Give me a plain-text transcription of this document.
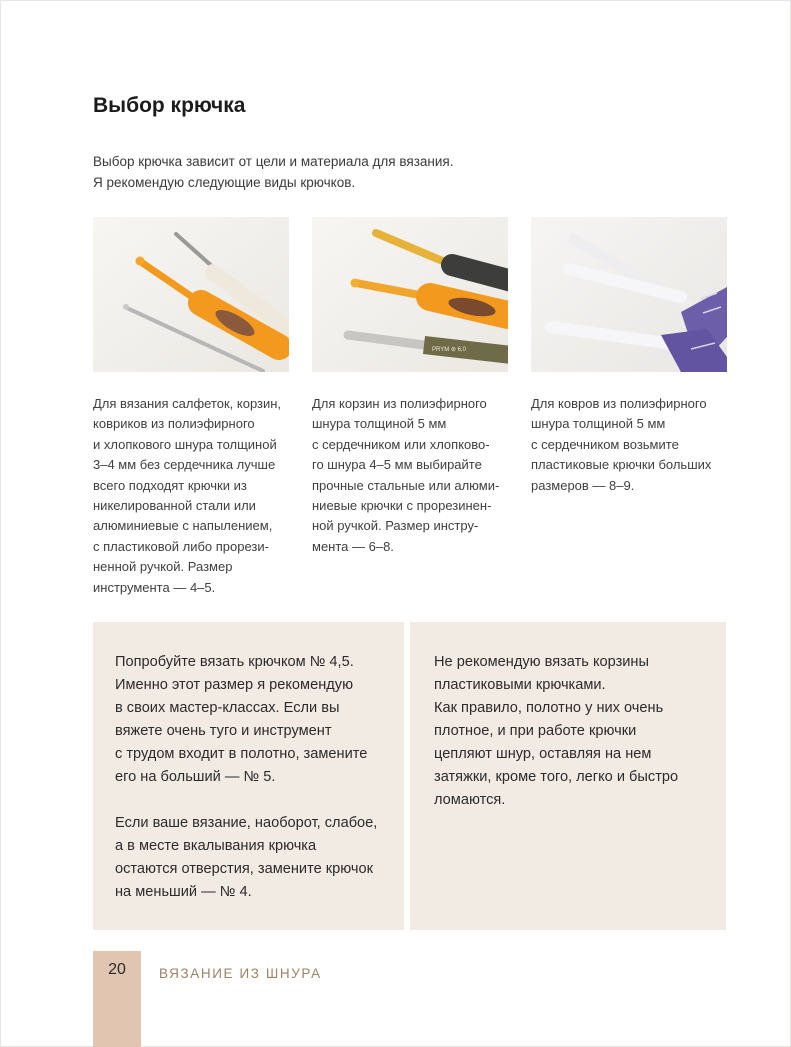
Выбор крючка
Выбор крючка зависит от цели и материала для вязания.
Я рекомендую следующие виды крючков.
PRYM ⊛ 6,0
Для вязания салфеток, корзин,
ковриков из полиэфирного
и хлопкового шнура толщиной
3–4 мм без сердечника лучше
всего подходят крючки из
никелированной стали или
алюминиевые с напылением,
с пластиковой либо прорези-
ненной ручкой. Размер
инструмента — 4–5.
Для корзин из полиэфирного
шнура толщиной 5 мм
с сердечником или хлопково-
го шнура 4–5 мм выбирайте
прочные стальные или алюми-
ниевые крючки с прорезинен-
ной ручкой. Размер инстру-
мента — 6–8.
Для ковров из полиэфирного
шнура толщиной 5 мм
с сердечником возьмите
пластиковые крючки больших
размеров — 8–9.

Попробуйте вязать крючком № 4,5.
Именно этот размер я рекомендую
в своих мастер-классах. Если вы
вяжете очень туго и инструмент
с трудом входит в полотно, замените
его на больший — № 5.

Если ваше вязание, наоборот, слабое,
а в месте вкалывания крючка
остаются отверстия, замените крючок
на меньший — № 4.

Не рекомендую вязать корзины
пластиковыми крючками.
Как правило, полотно у них очень
плотное, и при работе крючки
цепляют шнур, оставляя на нем
затяжки, кроме того, легко и быстро
ломаются.

20	ВЯЗАНИЕ ИЗ ШНУРА
